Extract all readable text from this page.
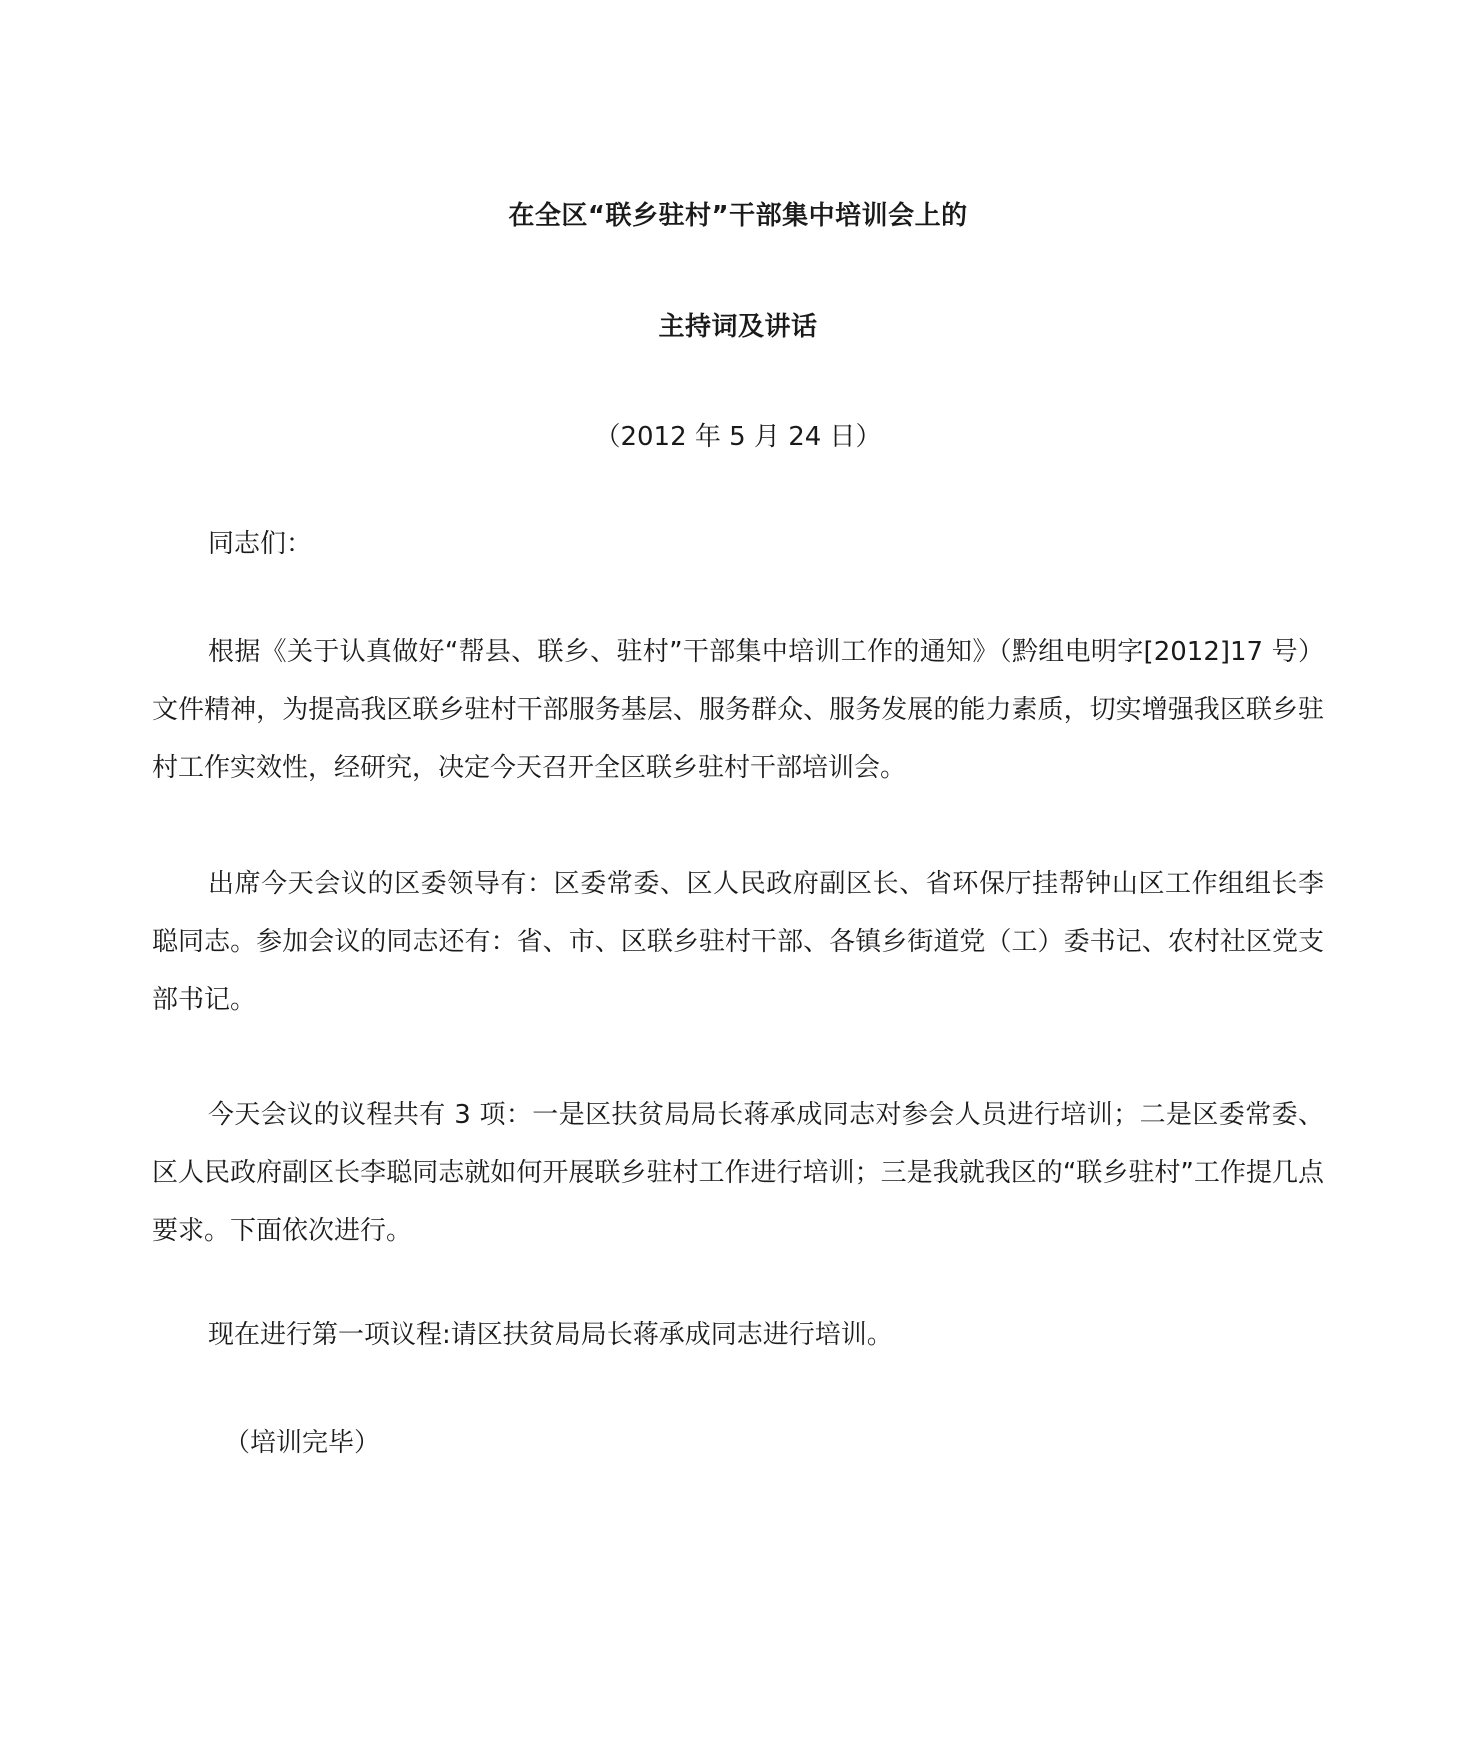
在全区“联乡驻村”干部集中培训会上的
主持词及讲话
（2012 年 5 月 24 日）

同志们：

根据《关于认真做好“帮县、联乡、驻村”干部集中培训工作的通知》（黔组电明字[2012]17 号）文件精神，为提高我区联乡驻村干部服务基层、服务群众、服务发展的能力素质，切实增强我区联乡驻村工作实效性，经研究，决定今天召开全区联乡驻村干部培训会。

出席今天会议的区委领导有：区委常委、区人民政府副区长、省环保厅挂帮钟山区工作组组长李聪同志。参加会议的同志还有：省、市、区联乡驻村干部、各镇乡街道党（工）委书记、农村社区党支部书记。

今天会议的议程共有 3 项：一是区扶贫局局长蒋承成同志对参会人员进行培训；二是区委常委、区人民政府副区长李聪同志就如何开展联乡驻村工作进行培训；三是我就我区的“联乡驻村”工作提几点要求。下面依次进行。

现在进行第一项议程:请区扶贫局局长蒋承成同志进行培训。

（培训完毕）
